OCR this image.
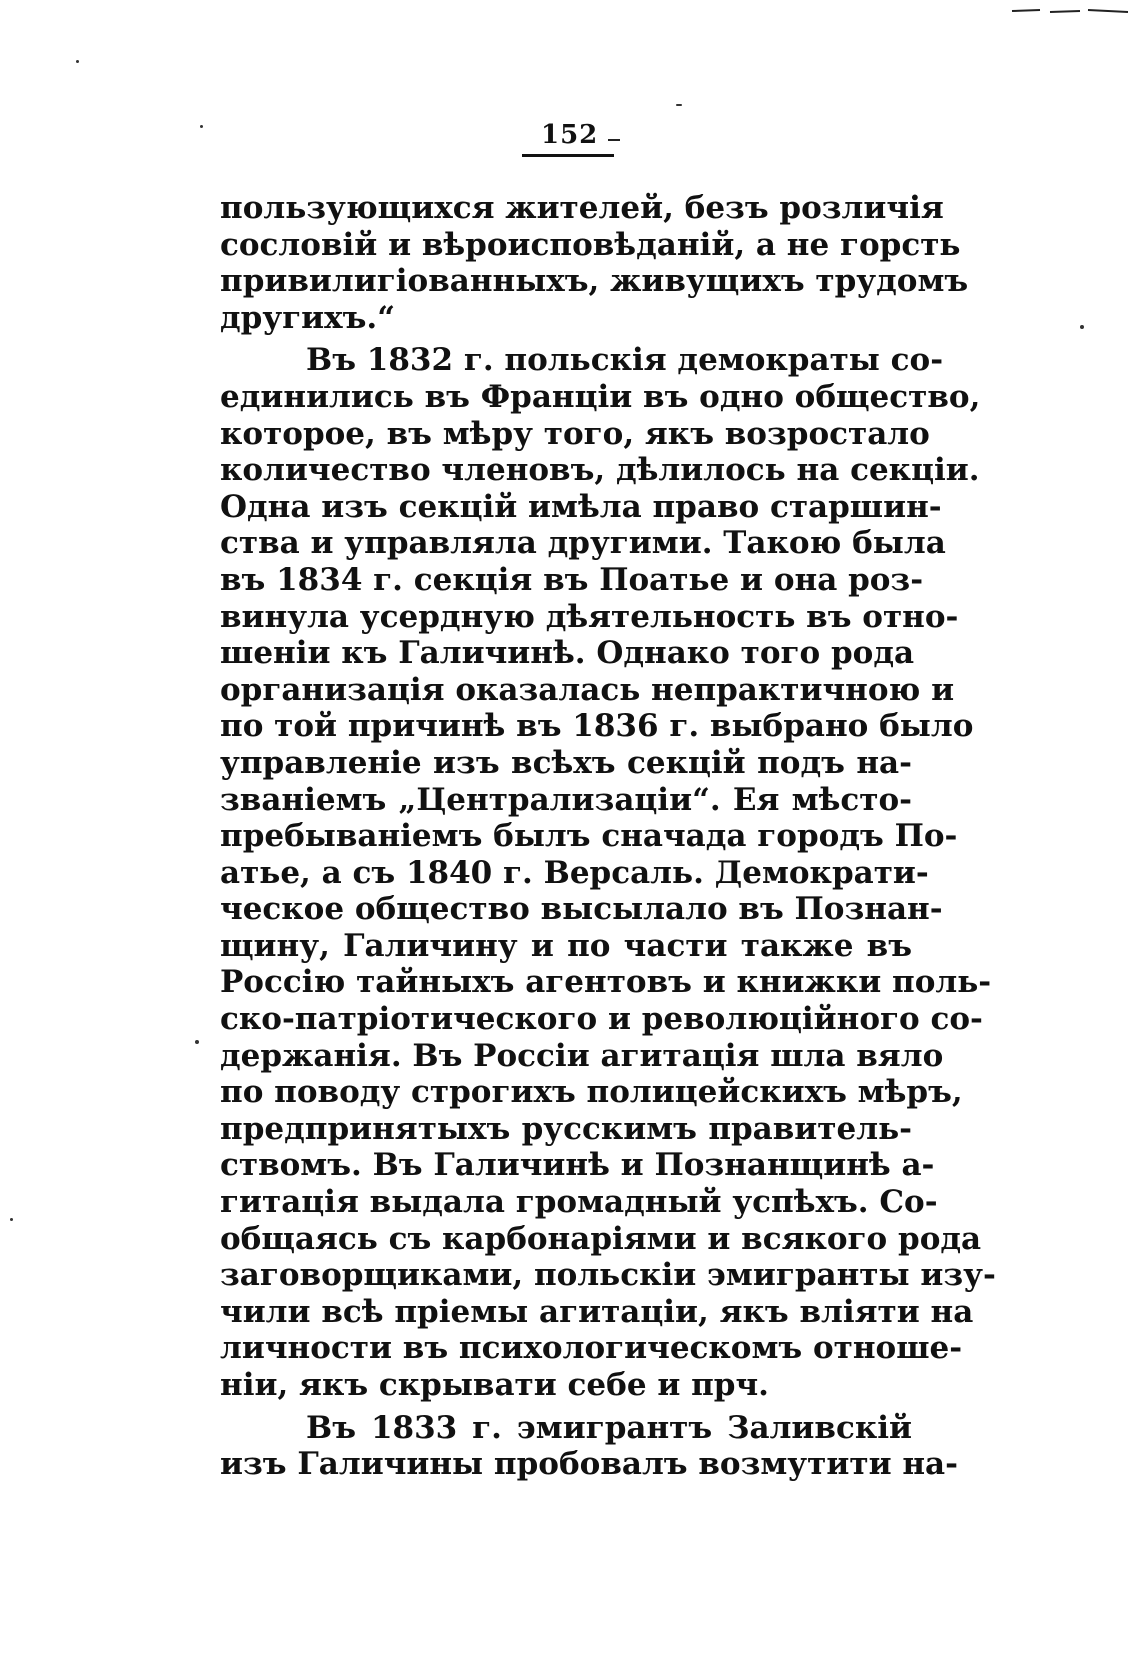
152
пользующихся жителей, безъ розличія
сословій и вѣроисповѣданій, а не горсть
привилигіованныхъ, живущихъ трудомъ
другихъ.“
Въ 1832 г. польскія демократы со-
единились въ Франціи въ одно общество,
которое, въ мѣру того, якъ возростало
количество членовъ, дѣлилось на секціи.
Одна изъ секцій имѣла право старшин-
ства и управляла другими. Такою была
въ 1834 г. секція въ Поатье и она роз-
винула усердную дѣятельность въ отно-
шеніи къ Галичинѣ. Однако того рода
организація оказалась непрактичною и
по той причинѣ въ 1836 г. выбрано было
управленіе изъ всѣхъ секцій подъ на-
званіемъ „Централизаціи“. Ея мѣсто-
пребываніемъ былъ сначада городъ По-
атье, а съ 1840 г. Версаль. Демократи-
ческое общество высылало въ Познан-
щину, Галичину и по части также въ
Россію тайныхъ агентовъ и книжки поль-
ско-патріотического и революційного со-
держанія. Въ Россіи агитація шла вяло
по поводу строгихъ полицейскихъ мѣръ,
предпринятыхъ русскимъ правитель-
ствомъ. Въ Галичинѣ и Познанщинѣ а-
гитація выдала громадный успѣхъ. Со-
общаясь съ карбонаріями и всякого рода
заговорщиками, польскіи эмигранты изу-
чили всѣ пріемы агитаціи, якъ вліяти на
личности въ психологическомъ отноше-
ніи, якъ скрывати себе и прч.
Въ 1833 г. эмигрантъ Заливскій
изъ Галичины пробовалъ возмутити на-
